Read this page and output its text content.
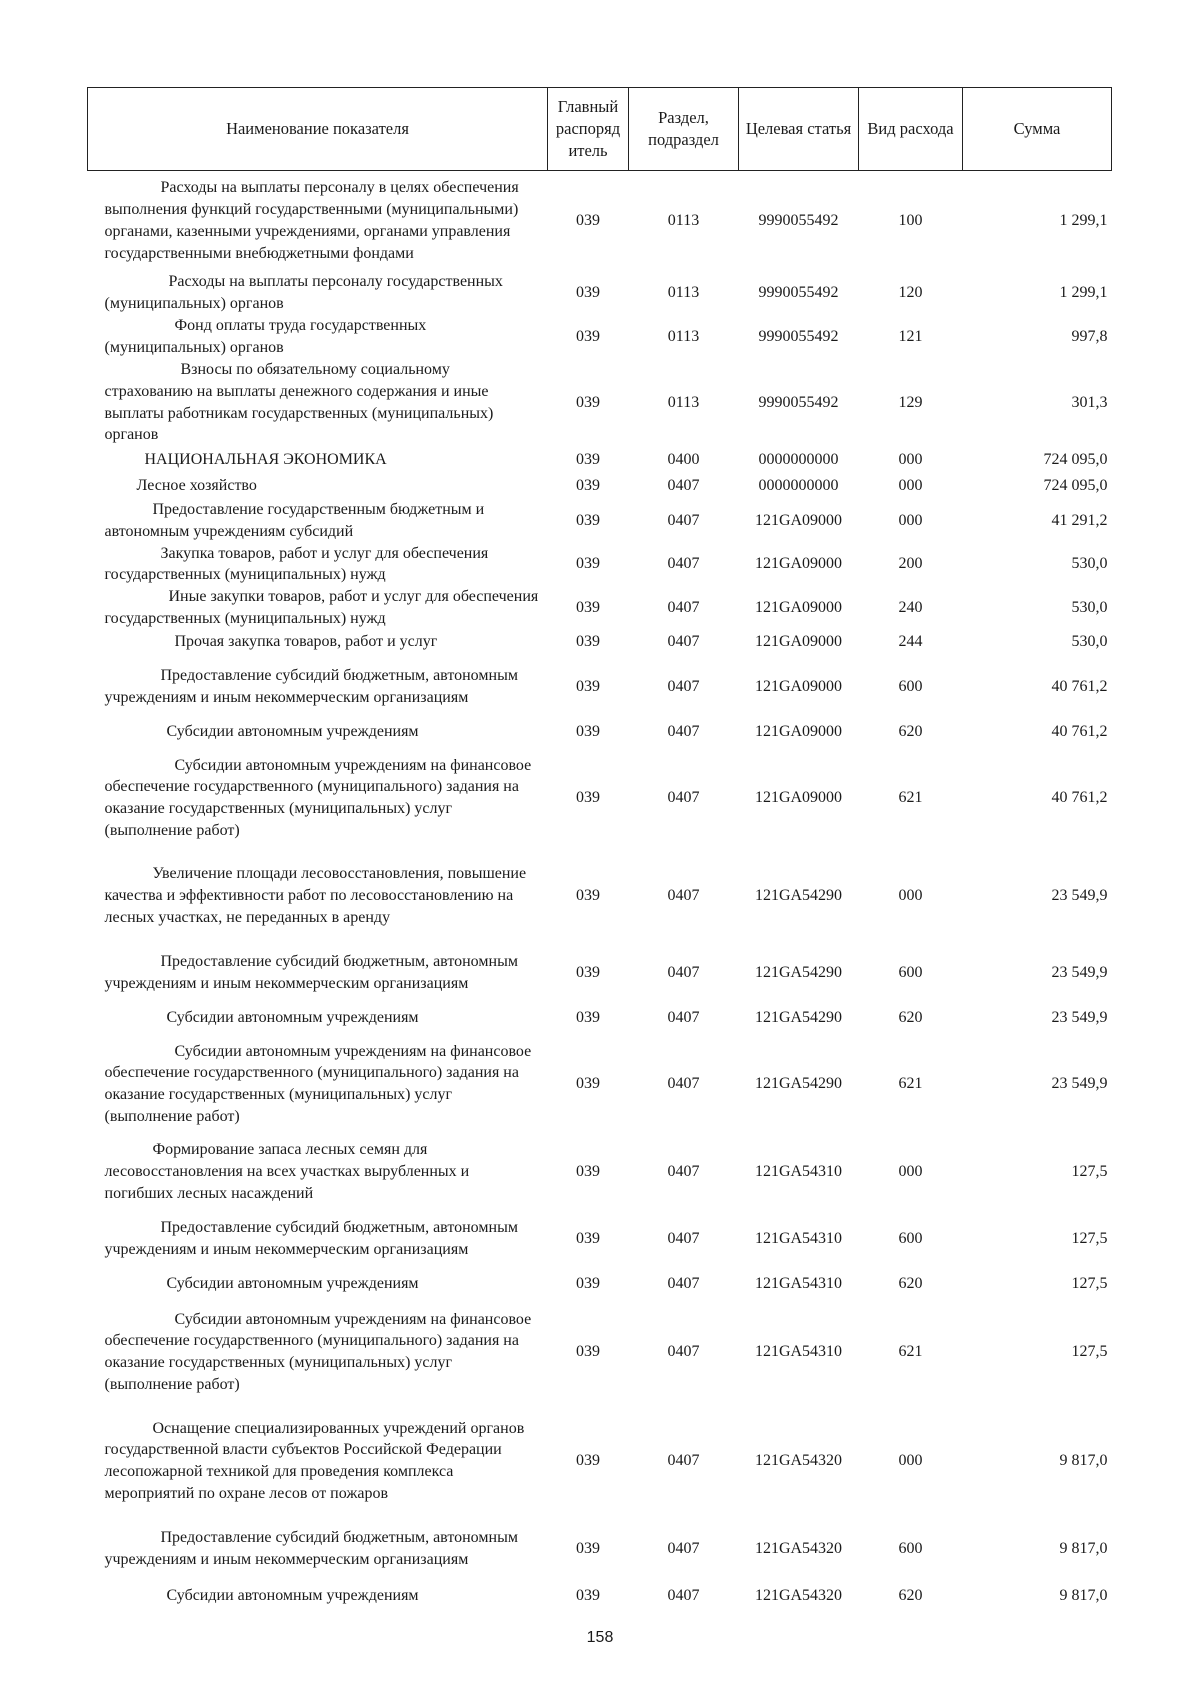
Наименование показателя	Главный распоряд итель	Раздел, подраздел	Целевая статья	Вид расхода	Сумма
Расходы на выплаты персоналу в целях обеспечения выполнения функций государственными (муниципальными) органами, казенными учреждениями, органами управления государственными внебюджетными фондами	039	0113	9990055492	100	1 299,1
Расходы на выплаты персоналу государственных (муниципальных) органов	039	0113	9990055492	120	1 299,1
Фонд оплаты труда государственных (муниципальных) органов	039	0113	9990055492	121	997,8
Взносы по обязательному социальному страхованию на выплаты денежного содержания и иные выплаты работникам государственных (муниципальных) органов	039	0113	9990055492	129	301,3
НАЦИОНАЛЬНАЯ ЭКОНОМИКА	039	0400	0000000000	000	724 095,0
Лесное хозяйство	039	0407	0000000000	000	724 095,0
Предоставление государственным бюджетным и автономным учреждениям субсидий	039	0407	121GA09000	000	41 291,2
Закупка товаров, работ и услуг для обеспечения государственных (муниципальных) нужд	039	0407	121GA09000	200	530,0
Иные закупки товаров, работ и услуг для обеспечения государственных (муниципальных) нужд	039	0407	121GA09000	240	530,0
Прочая закупка товаров, работ и услуг	039	0407	121GA09000	244	530,0
Предоставление субсидий бюджетным, автономным учреждениям и иным некоммерческим организациям	039	0407	121GA09000	600	40 761,2
Субсидии автономным учреждениям	039	0407	121GA09000	620	40 761,2
Субсидии автономным учреждениям на финансовое обеспечение государственного (муниципального) задания на оказание государственных (муниципальных) услуг (выполнение работ)	039	0407	121GA09000	621	40 761,2
Увеличение площади лесовосстановления, повышение качества и эффективности работ по лесовосстановлению на лесных участках, не переданных в аренду	039	0407	121GA54290	000	23 549,9
Предоставление субсидий бюджетным, автономным учреждениям и иным некоммерческим организациям	039	0407	121GA54290	600	23 549,9
Субсидии автономным учреждениям	039	0407	121GA54290	620	23 549,9
Субсидии автономным учреждениям на финансовое обеспечение государственного (муниципального) задания на оказание государственных (муниципальных) услуг (выполнение работ)	039	0407	121GA54290	621	23 549,9
Формирование запаса лесных семян для лесовосстановления на всех участках вырубленных и погибших лесных насаждений	039	0407	121GA54310	000	127,5
Предоставление субсидий бюджетным, автономным учреждениям и иным некоммерческим организациям	039	0407	121GA54310	600	127,5
Субсидии автономным учреждениям	039	0407	121GA54310	620	127,5
Субсидии автономным учреждениям на финансовое обеспечение государственного (муниципального) задания на оказание государственных (муниципальных) услуг (выполнение работ)	039	0407	121GA54310	621	127,5
Оснащение специализированных учреждений органов государственной власти субъектов Российской Федерации лесопожарной техникой для проведения комплекса мероприятий по охране лесов от пожаров	039	0407	121GA54320	000	9 817,0
Предоставление субсидий бюджетным, автономным учреждениям и иным некоммерческим организациям	039	0407	121GA54320	600	9 817,0
Субсидии автономным учреждениям	039	0407	121GA54320	620	9 817,0
158
